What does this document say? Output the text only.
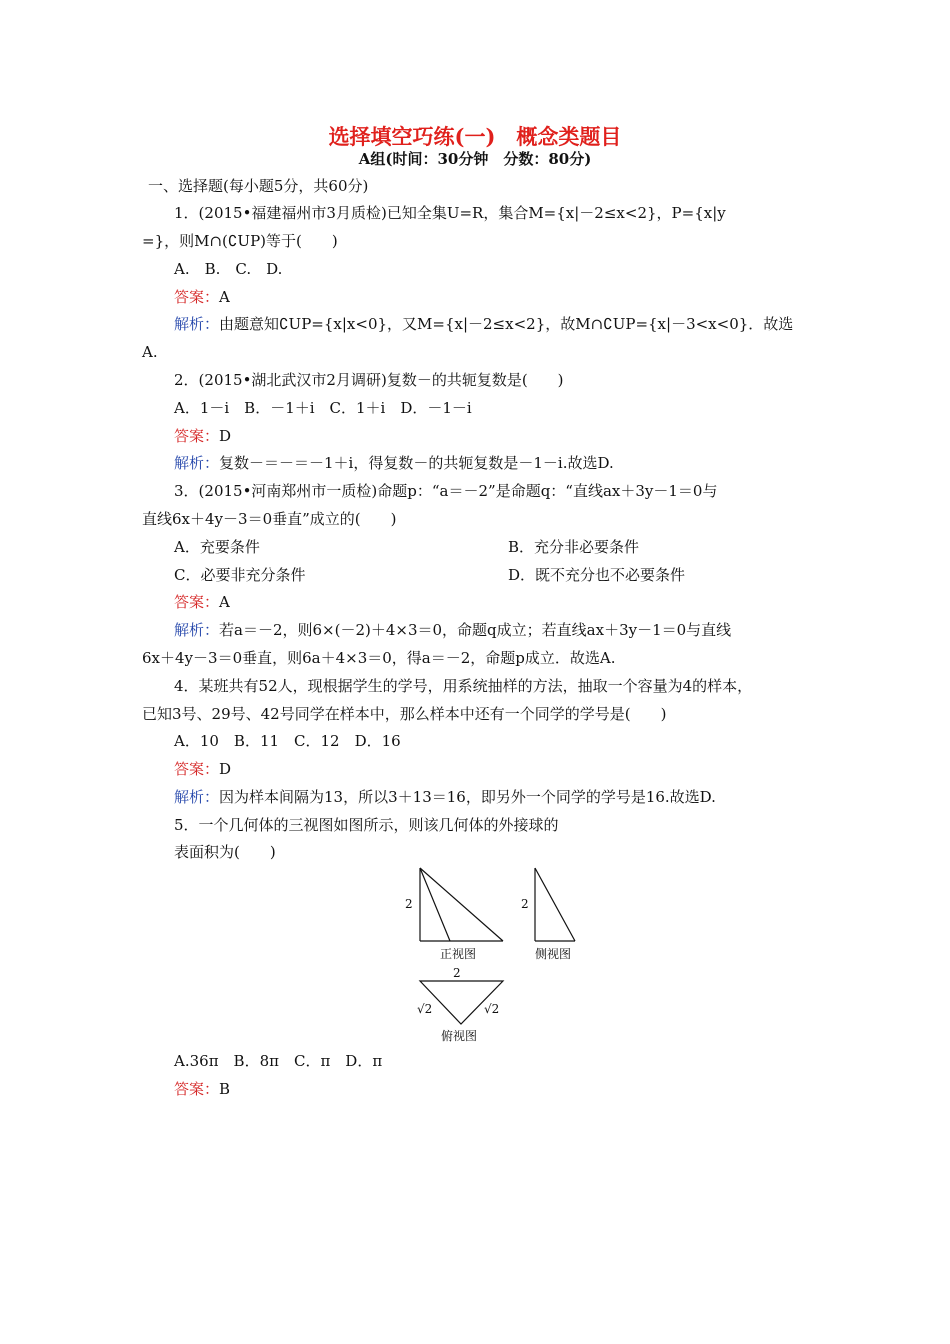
选择填空巧练(一)　概念类题目
A组(时间：30分钟　分数：80分)
一、选择题(每小题5分，共60分)
1．(2015•福建福州市3月质检)已知全集U=R，集合M={x|－2≤x<2}，P={x|y
=}，则M∩(∁UP)等于(　　)
A.　B.　C.　D.
答案：A
解析：由题意知∁UP={x|x<0}，又M={x|－2≤x<2}，故M∩∁UP={x|－3<x<0}．故选
A.
2．(2015•湖北武汉市2月调研)复数－的共轭复数是(　　)
A．1－i　B．－1＋i　C．1＋i　D．－1－i
答案：D
解析：复数－＝－＝－1＋i，得复数－的共轭复数是－1－i.故选D.
3．(2015•河南郑州市一质检)命题p：“a＝－2”是命题q：“直线ax＋3y－1＝0与
直线6x＋4y－3＝0垂直”成立的(　　)
A．充要条件	B．充分非必要条件
C．必要非充分条件	D．既不充分也不必要条件
答案：A
解析：若a＝－2，则6×(－2)＋4×3＝0，命题q成立；若直线ax＋3y－1＝0与直线
6x＋4y－3＝0垂直，则6a＋4×3＝0，得a＝－2，命题p成立．故选A.
4．某班共有52人，现根据学生的学号，用系统抽样的方法，抽取一个容量为4的样本，
已知3号、29号、42号同学在样本中，那么样本中还有一个同学的学号是(　　)
A．10　B．11　C．12　D．16
答案：D
解析：因为样本间隔为13，所以3＋13＝16，即另外一个同学的学号是16.故选D.
5．一个几何体的三视图如图所示，则该几何体的外接球的
表面积为(　　)
2
正视图
2
侧视图
2
√2	√2
俯视图
A.36π　B．8π　C．π　D．π
答案：B
